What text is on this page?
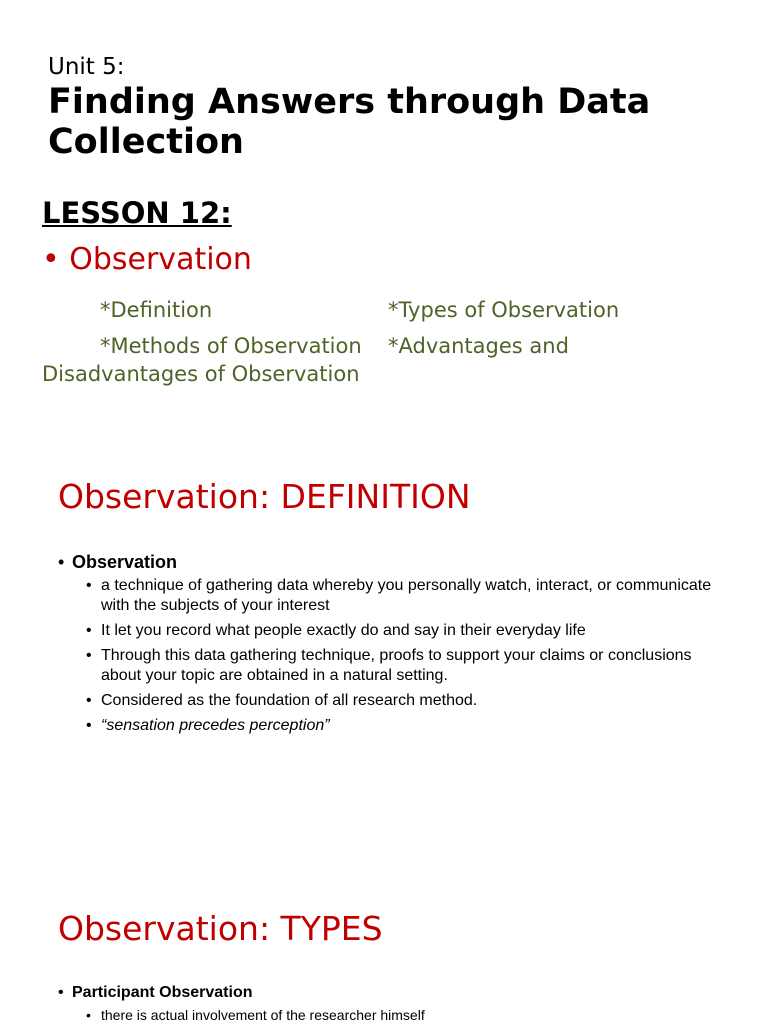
Unit 5:
Finding Answers through Data Collection
LESSON 12:
• Observation
*Definition	*Types of Observation
*Methods of Observation *Advantages and
Disadvantages of Observation
Observation: DEFINITION
• Observation
• a technique of gathering data whereby you personally watch, interact, or communicate with the subjects of your interest
• It let you record what people exactly do and say in their everyday life
• Through this data gathering technique, proofs to support your claims or conclusions about your topic are obtained in a natural setting.
• Considered as the foundation of all research method.
• “sensation precedes perception”
Observation: TYPES
• Participant Observation
• there is actual involvement of the researcher himself
